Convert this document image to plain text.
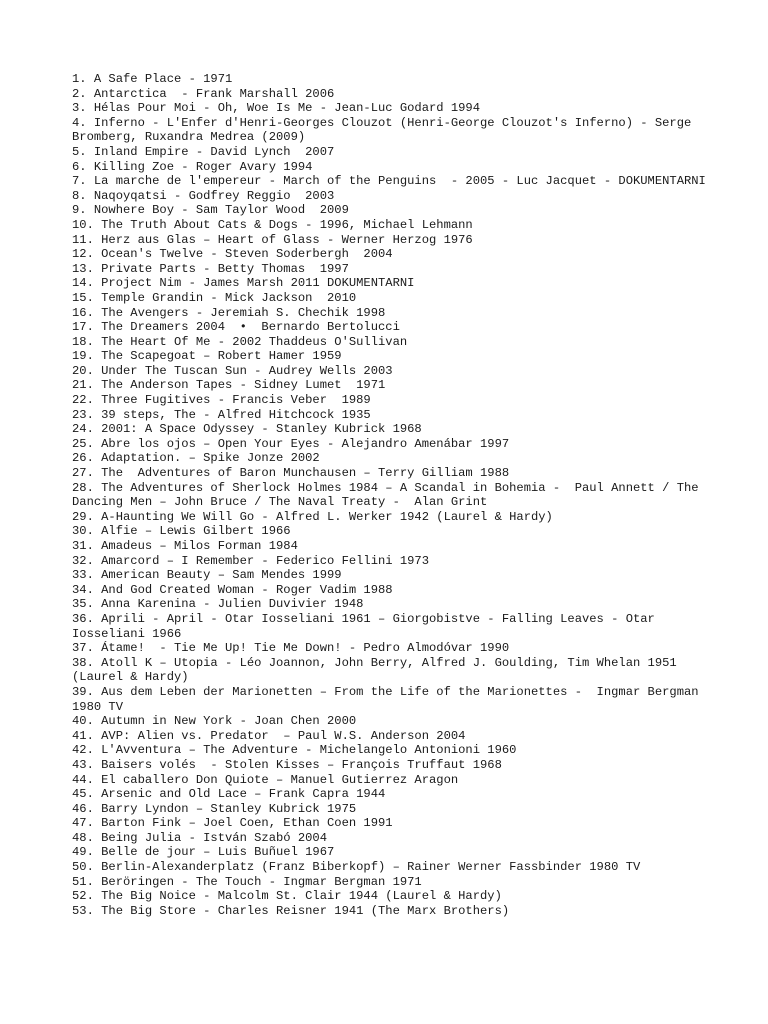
1. A Safe Place - 1971
2. Antarctica  - Frank Marshall 2006
3. Hélas Pour Moi - Oh, Woe Is Me - Jean-Luc Godard 1994
4. Inferno - L'Enfer d'Henri-Georges Clouzot (Henri-George Clouzot's Inferno) - Serge Bromberg, Ruxandra Medrea (2009)
5. Inland Empire - David Lynch  2007
6. Killing Zoe - Roger Avary 1994
7. La marche de l'empereur - March of the Penguins  - 2005 - Luc Jacquet - DOKUMENTARNI
8. Naqoyqatsi - Godfrey Reggio  2003
9. Nowhere Boy - Sam Taylor Wood  2009
10. The Truth About Cats & Dogs - 1996, Michael Lehmann
11. Herz aus Glas – Heart of Glass - Werner Herzog 1976
12. Ocean's Twelve - Steven Soderbergh  2004
13. Private Parts - Betty Thomas  1997
14. Project Nim - James Marsh 2011 DOKUMENTARNI
15. Temple Grandin - Mick Jackson  2010
16. The Avengers - Jeremiah S. Chechik 1998
17. The Dreamers 2004  •  Bernardo Bertolucci
18. The Heart Of Me - 2002 Thaddeus O'Sullivan
19. The Scapegoat – Robert Hamer 1959
20. Under The Tuscan Sun - Audrey Wells 2003
21. The Anderson Tapes - Sidney Lumet  1971
22. Three Fugitives - Francis Veber  1989
23. 39 steps, The - Alfred Hitchcock 1935
24. 2001: A Space Odyssey - Stanley Kubrick 1968
25. Abre los ojos – Open Your Eyes - Alejandro Amenábar 1997
26. Adaptation. – Spike Jonze 2002
27. The  Adventures of Baron Munchausen – Terry Gilliam 1988
28. The Adventures of Sherlock Holmes 1984 – A Scandal in Bohemia -  Paul Annett / The Dancing Men – John Bruce / The Naval Treaty -  Alan Grint
29. A-Haunting We Will Go - Alfred L. Werker 1942 (Laurel & Hardy)
30. Alfie – Lewis Gilbert 1966
31. Amadeus – Milos Forman 1984
32. Amarcord – I Remember - Federico Fellini 1973
33. American Beauty – Sam Mendes 1999
34. And God Created Woman - Roger Vadim 1988
35. Anna Karenina - Julien Duvivier 1948
36. Aprili - April - Otar Iosseliani 1961 – Giorgobistve - Falling Leaves - Otar Iosseliani 1966
37. Átame!  - Tie Me Up! Tie Me Down! - Pedro Almodóvar 1990
38. Atoll K – Utopia - Léo Joannon, John Berry, Alfred J. Goulding, Tim Whelan 1951 (Laurel & Hardy)
39. Aus dem Leben der Marionetten – From the Life of the Marionettes -  Ingmar Bergman 1980 TV
40. Autumn in New York - Joan Chen 2000
41. AVP: Alien vs. Predator  – Paul W.S. Anderson 2004
42. L'Avventura – The Adventure - Michelangelo Antonioni 1960
43. Baisers volés  - Stolen Kisses – François Truffaut 1968
44. El caballero Don Quiote – Manuel Gutierrez Aragon
45. Arsenic and Old Lace – Frank Capra 1944
46. Barry Lyndon – Stanley Kubrick 1975
47. Barton Fink – Joel Coen, Ethan Coen 1991
48. Being Julia - István Szabó 2004
49. Belle de jour – Luis Buñuel 1967
50. Berlin-Alexanderplatz (Franz Biberkopf) – Rainer Werner Fassbinder 1980 TV
51. Beröringen - The Touch - Ingmar Bergman 1971
52. The Big Noice - Malcolm St. Clair 1944 (Laurel & Hardy)
53. The Big Store - Charles Reisner 1941 (The Marx Brothers)
